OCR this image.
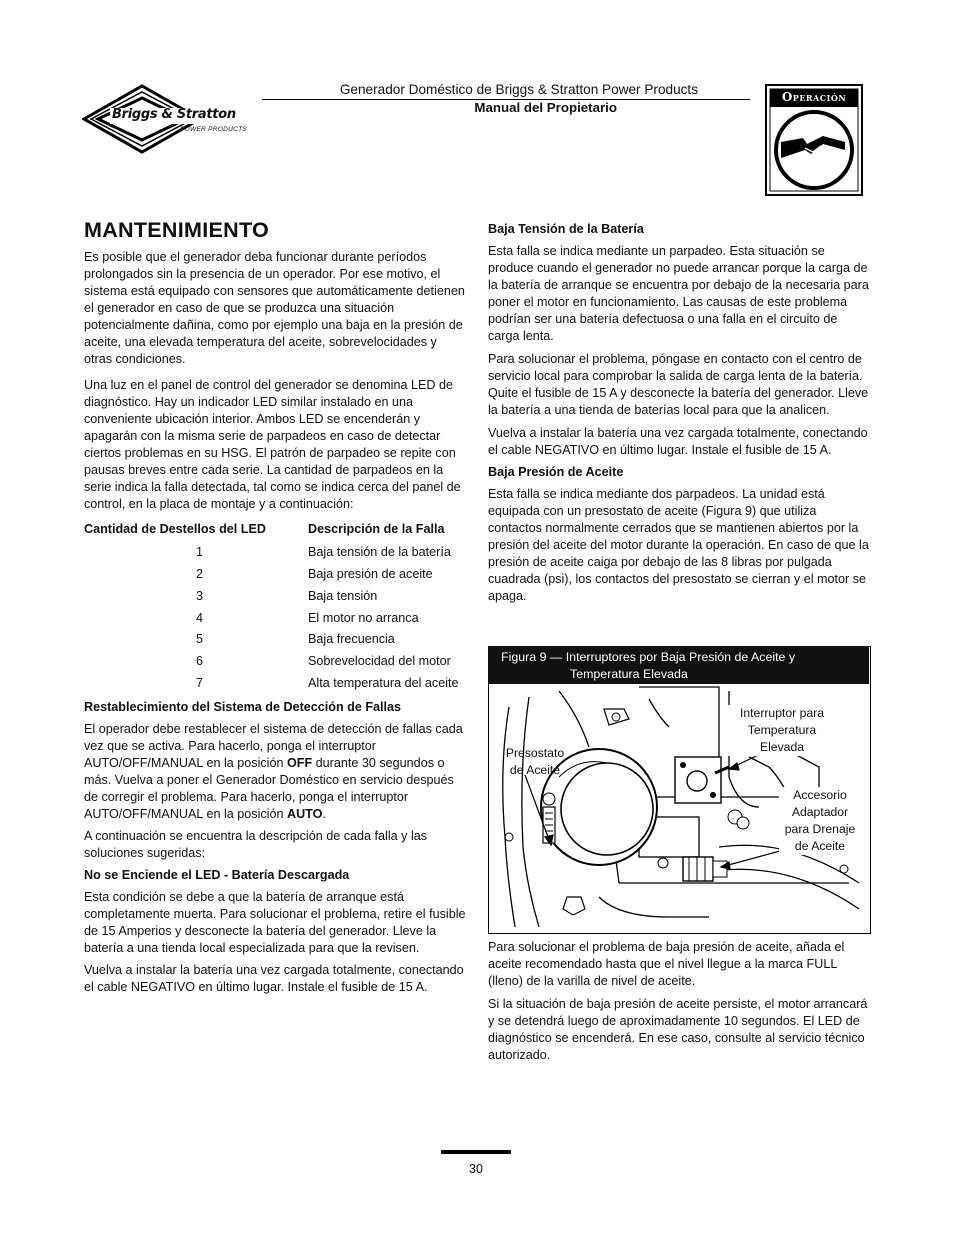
Briggs & Stratton
POWER PRODUCTS
Generador Doméstico de Briggs & Stratton Power Products
Manual del Propietario
Operación
MANTENIMIENTO

Es posible que el generador deba funcionar durante períodos prolongados sin la presencia de un operador. Por ese motivo, el sistema está equipado con sensores que automáticamente detienen el generador en caso de que se produzca una situación potencialmente dañina, como por ejemplo una baja en la presión de aceite, una elevada temperatura del aceite, sobrevelocidades y otras condiciones.

Una luz en el panel de control del generador se denomina LED de diagnóstico. Hay un indicador LED similar instalado en una conveniente ubicación interior. Ambos LED se encenderán y apagarán con la misma serie de parpadeos en caso de detectar ciertos problemas en su HSG. El patrón de parpadeo se repite con pausas breves entre cada serie. La cantidad de parpadeos en la serie indica la falla detectada, tal como se indica cerca del panel de control, en la placa de montaje y a continuación:

Cantidad de Destellos del LED	Descripción de la Falla
1	Baja tensión de la batería
2	Baja presión de aceite
3	Baja tensión
4	El motor no arranca
5	Baja frecuencia
6	Sobrevelocidad del motor
7	Alta temperatura del aceite

Restablecimiento del Sistema de Detección de Fallas

El operador debe restablecer el sistema de detección de fallas cada vez que se activa. Para hacerlo, ponga el interruptor AUTO/OFF/MANUAL en la posición OFF durante 30 segundos o más. Vuelva a poner el Generador Doméstico en servicio después de corregir el problema. Para hacerlo, ponga el interruptor AUTO/OFF/MANUAL en la posición AUTO.

A continuación se encuentra la descripción de cada falla y las soluciones sugeridas:

No se Enciende el LED - Batería Descargada

Esta condición se debe a que la batería de arranque está completamente muerta. Para solucionar el problema, retire el fusible de 15 Amperios y desconecte la batería del generador. Lleve la batería a una tienda local especializada para que la revisen.

Vuelva a instalar la batería una vez cargada totalmente, conectando el cable NEGATIVO en último lugar. Instale el fusible de 15 A.

Baja Tensión de la Batería

Esta falla se indica mediante un parpadeo. Esta situación se produce cuando el generador no puede arrancar porque la carga de la batería de arranque se encuentra por debajo de la necesaria para poner el motor en funcionamiento. Las causas de este problema podrían ser una batería defectuosa o una falla en el circuito de carga lenta.

Para solucionar el problema, póngase en contacto con el centro de servicio local para comprobar la salida de carga lenta de la batería. Quite el fusible de 15 A y desconecte la batería del generador. Lleve la batería a una tienda de baterías local para que la analicen.

Vuelva a instalar la batería una vez cargada totalmente, conectando el cable NEGATIVO en último lugar. Instale el fusible de 15 A.

Baja Presión de Aceite

Esta falla se indica mediante dos parpadeos. La unidad está equipada con un presostato de aceite (Figura 9) que utiliza contactos normalmente cerrados que se mantienen abiertos por la presión del aceite del motor durante la operación. En caso de que la presión de aceite caiga por debajo de las 8 libras por pulgada cuadrada (psi), los contactos del presostato se cierran y el motor se apaga.

Presostato
de Aceite
Interruptor para
Temperatura Elevada
Accesorio
Adaptador
para Drenaje
de Aceite
Figura 9 — Interruptores por Baja Presión de Aceite y
Temperatura Elevada

Para solucionar el problema de baja presión de aceite, añada el aceite recomendado hasta que el nivel llegue a la marca FULL (lleno) de la varilla de nivel de aceite.

Si la situación de baja presión de aceite persiste, el motor arrancará y se detendrá luego de aproximadamente 10 segundos. El LED de diagnóstico se encenderá. En ese caso, consulte al servicio técnico autorizado.

30
